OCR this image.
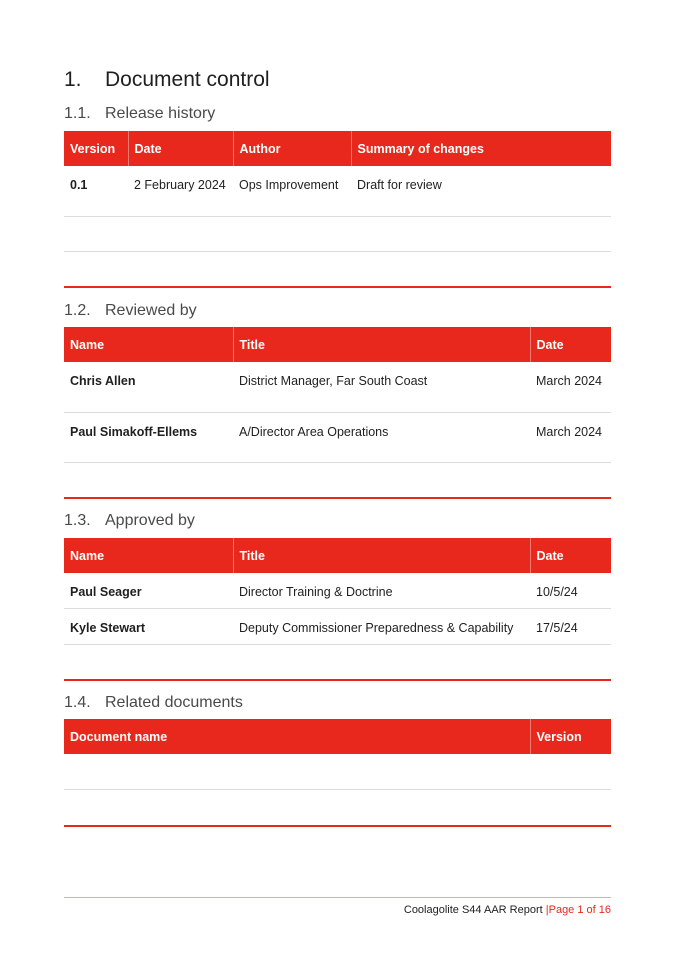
1. Document control
1.1. Release history
Version	Date	Author	Summary of changes
0.1	2 February 2024	Ops Improvement	Draft for review

1.2. Reviewed by
Name	Title	Date
Chris Allen	District Manager, Far South Coast	March 2024
Paul Simakoff-Ellems	A/Director Area Operations	March 2024
1.3. Approved by
Name	Title	Date
Paul Seager	Director Training & Doctrine	10/5/24
Kyle Stewart	Deputy Commissioner Preparedness & Capability	17/5/24
1.4. Related documents
Document name	Version

Coolagolite S44 AAR Report |Page 1 of 16
